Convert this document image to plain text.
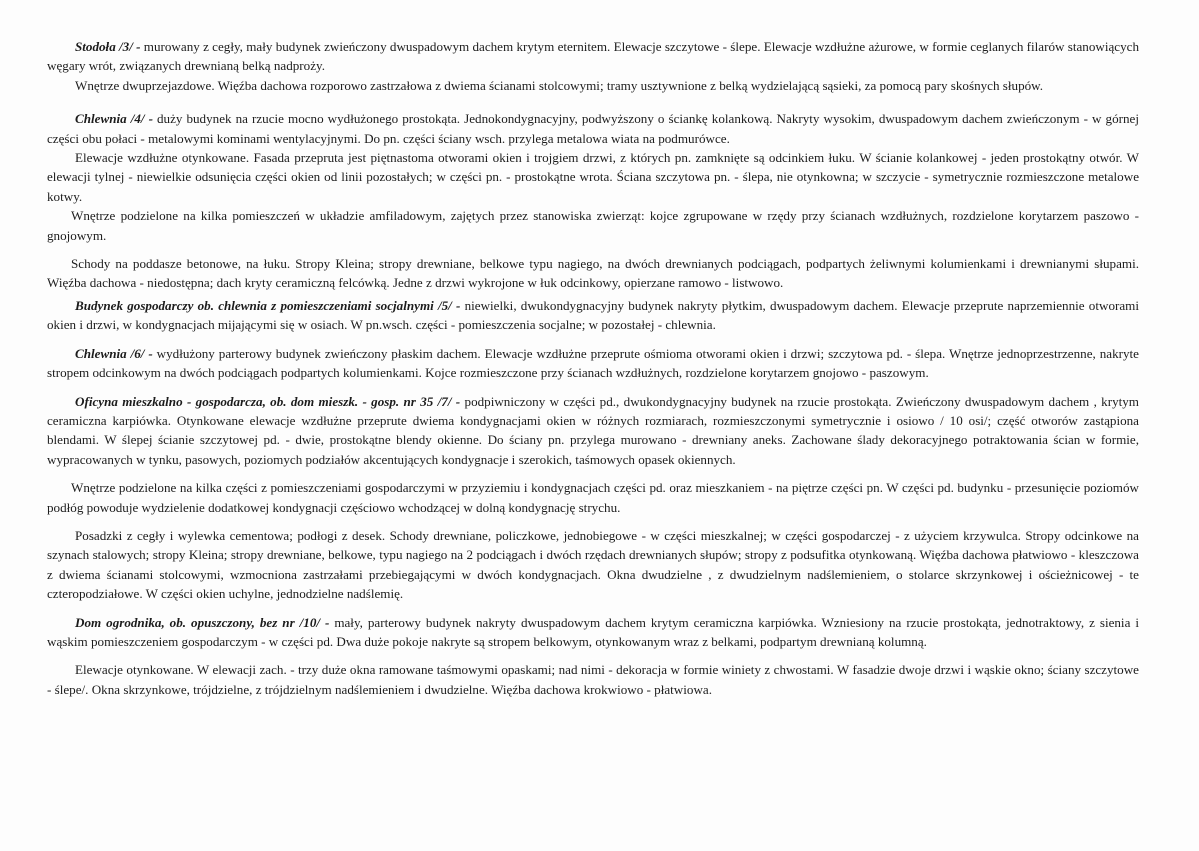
Stodoła /3/ - murowany z cegły, mały budynek zwieńczony dwuspadowym dachem krytym eternitem. Elewacje szczytowe - ślepe. Elewacje wzdłużne ażurowe, w formie ceglanych filarów stanowiących węgary wrót, związanych drewnianą belką nadproży.

Wnętrze dwuprzejazdowe. Więźba dachowa rozporowo zastrzałowa z dwiema ścianami stolcowymi; tramy usztywnione z belką wydzielającą sąsieki, za pomocą pary skośnych słupów.

Chlewnia /4/ - duży budynek na rzucie mocno wydłużonego prostokąta. Jednokondygnacyjny, podwyższony o ściankę kolankową. Nakryty wysokim, dwuspadowym dachem zwieńczonym - w górnej części obu połaci - metalowymi kominami wentylacyjnymi. Do pn. części ściany wsch. przylega metalowa wiata na podmurówce.

Elewacje wzdłużne otynkowane. Fasada przepruta jest piętnastoma otworami okien i trojgiem drzwi, z których pn. zamknięte są odcinkiem łuku. W ścianie kolankowej - jeden prostokątny otwór. W elewacji tylnej - niewielkie odsunięcia części okien od linii pozostałych; w części pn. - prostokątne wrota. Ściana szczytowa pn. - ślepa, nie otynkowna; w szczycie - symetrycznie rozmieszczone metalowe kotwy.

Wnętrze podzielone na kilka pomieszczeń w układzie amfiladowym, zajętych przez stanowiska zwierząt: kojce zgrupowane w rzędy przy ścianach wzdłużnych, rozdzielone korytarzem paszowo -gnojowym.

Schody na poddasze betonowe, na łuku. Stropy Kleina; stropy drewniane, belkowe typu nagiego, na dwóch drewnianych podciągach, podpartych żeliwnymi kolumienkami i drewnianymi słupami. Więźba dachowa - niedostępna; dach kryty ceramiczną felcówką. Jedne z drzwi wykrojone w łuk odcinkowy, opierzane ramowo - listwowo.

Budynek gospodarczy ob. chlewnia z pomieszczeniami socjalnymi /5/ - niewielki, dwukondygnacyjny budynek nakryty płytkim, dwuspadowym dachem. Elewacje przeprute naprzemiennie otworami okien i drzwi, w kondygnacjach mijającymi się w osiach. W pn.wsch. części - pomieszczenia socjalne; w pozostałej - chlewnia.

Chlewnia /6/ - wydłużony parterowy budynek zwieńczony płaskim dachem. Elewacje wzdłużne przeprute ośmioma otworami okien i drzwi; szczytowa pd. - ślepa. Wnętrze jednoprzestrzenne, nakryte stropem odcinkowym na dwóch podciągach podpartych kolumienkami. Kojce rozmieszczone przy ścianach wzdłużnych, rozdzielone korytarzem gnojowo - paszowym.

Oficyna mieszkalno - gospodarcza, ob. dom mieszk. - gosp. nr 35 /7/ - podpiwniczony w części pd., dwukondygnacyjny budynek na rzucie prostokąta. Zwieńczony dwuspadowym dachem , krytym ceramiczna karpiówka. Otynkowane elewacje wzdłużne przeprute dwiema kondygnacjami okien w różnych rozmiarach, rozmieszczonymi symetrycznie i osiowo / 10 osi/; część otworów zastąpiona blendami. W ślepej ścianie szczytowej pd. - dwie, prostokątne blendy okienne. Do ściany pn. przylega murowano - drewniany aneks. Zachowane ślady dekoracyjnego potraktowania ścian w formie, wypracowanych w tynku, pasowych, poziomych podziałów akcentujących kondygnacje i szerokich, taśmowych opasek okiennych.

Wnętrze podzielone na kilka części z pomieszczeniami gospodarczymi w przyziemiu i kondygnacjach części pd. oraz mieszkaniem - na piętrze części pn. W części pd. budynku - przesunięcie poziomów podłóg powoduje wydzielenie dodatkowej kondygnacji częściowo wchodzącej w dolną kondygnację strychu.

Posadzki z cegły i wylewka cementowa; podłogi z desek. Schody drewniane, policzkowe, jednobiegowe - w części mieszkalnej; w części gospodarczej - z użyciem krzywulca. Stropy odcinkowe na szynach stalowych; stropy Kleina; stropy drewniane, belkowe, typu nagiego na 2 podciągach i dwóch rzędach drewnianych słupów; stropy z podsufitka otynkowaną. Więźba dachowa płatwiowo - kleszczowa z dwiema ścianami stolcowymi, wzmocniona zastrzałami przebiegającymi w dwóch kondygnacjach. Okna dwudzielne , z dwudzielnym nadślemieniem, o stolarce skrzynkowej i ościeżnicowej - te czteropodziałowe. W części okien uchylne, jednodzielne nadślemię.

Dom ogrodnika, ob. opuszczony, bez nr /10/ - mały, parterowy budynek nakryty dwuspadowym dachem krytym ceramiczna karpiówka. Wzniesiony na rzucie prostokąta, jednotraktowy, z sienia i wąskim pomieszczeniem gospodarczym - w części pd. Dwa duże pokoje nakryte są stropem belkowym, otynkowanym wraz z belkami, podpartym drewnianą kolumną.

Elewacje otynkowane. W elewacji zach. - trzy duże okna ramowane taśmowymi opaskami; nad nimi - dekoracja w formie winiety z chwostami. W fasadzie dwoje drzwi i wąskie okno; ściany szczytowe - ślepe/. Okna skrzynkowe, trójdzielne, z trójdzielnym nadślemieniem i dwudzielne. Więźba dachowa krokwiowo - płatwiowa.
